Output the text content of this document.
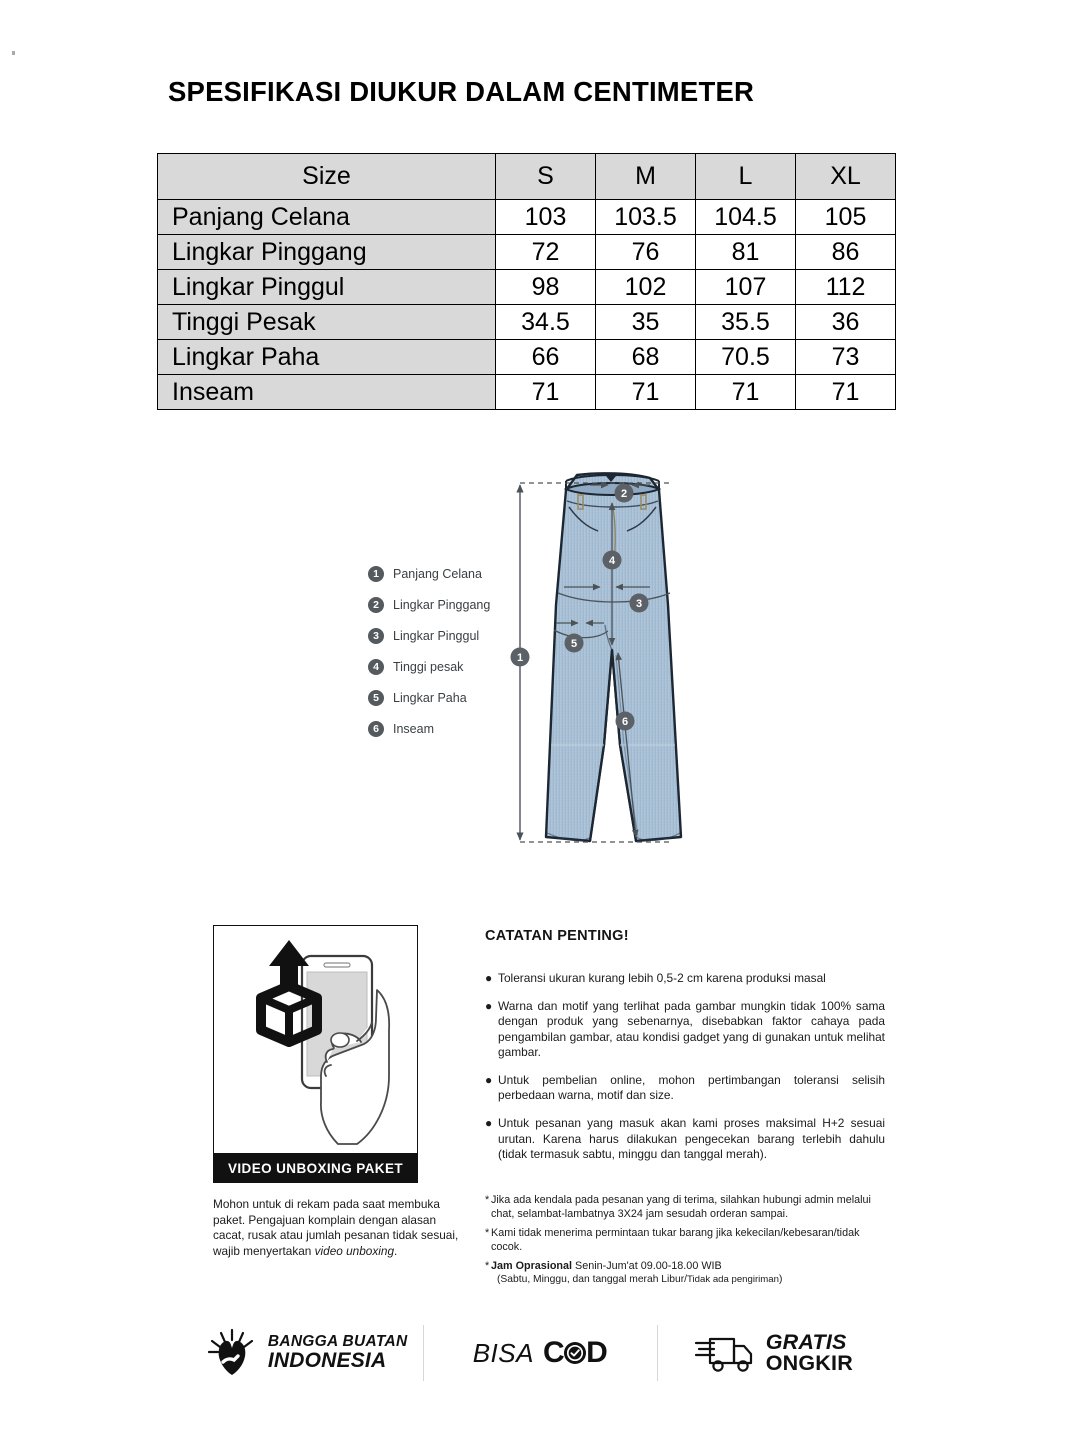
SPESIFIKASI DIUKUR DALAM CENTIMETER
Size	S	M	L	XL
Panjang Celana	103	103.5	104.5	105
Lingkar Pinggang	72	76	81	86
Lingkar Pinggul	98	102	107	112
Tinggi Pesak	34.5	35	35.5	36
Lingkar Paha	66	68	70.5	73
Inseam	71	71	71	71
1
2
3
4
5
6
1	Panjang Celana
2	Lingkar Pinggang
3	Lingkar Pinggul
4	Tinggi pesak
5	Lingkar Paha
6	Inseam
VIDEO UNBOXING PAKET
Mohon untuk di rekam pada saat membuka paket. Pengajuan komplain dengan alasan cacat, rusak atau jumlah pesanan tidak sesuai, wajib menyertakan video unboxing.
CATATAN PENTING!
● Toleransi ukuran kurang lebih 0,5-2 cm karena produksi masal
● Warna dan motif yang terlihat pada gambar mungkin tidak 100% sama dengan produk yang sebenarnya, disebabkan faktor cahaya pada pengambilan gambar, atau kondisi gadget yang di gunakan untuk melihat gambar.
● Untuk pembelian online, mohon pertimbangan toleransi selisih perbedaan warna, motif dan size.
● Untuk pesanan yang masuk akan kami proses maksimal H+2 sesuai urutan. Karena harus dilakukan pengecekan barang terlebih dahulu (tidak termasuk sabtu, minggu dan tanggal merah).
* Jika ada kendala pada pesanan yang di terima, silahkan hubungi admin melalui chat, selambat-lambatnya 3X24 jam sesudah orderan sampai.
* Kami tidak menerima permintaan tukar barang jika kekecilan/kebesaran/tidak cocok.
* Jam Oprasional Senin-Jum'at 09.00-18.00 WIB
(Sabtu, Minggu, dan tanggal merah Libur/Tidak ada pengiriman)
BANGGA BUATAN
INDONESIA	BISA C D	GRATIS
ONGKIR
